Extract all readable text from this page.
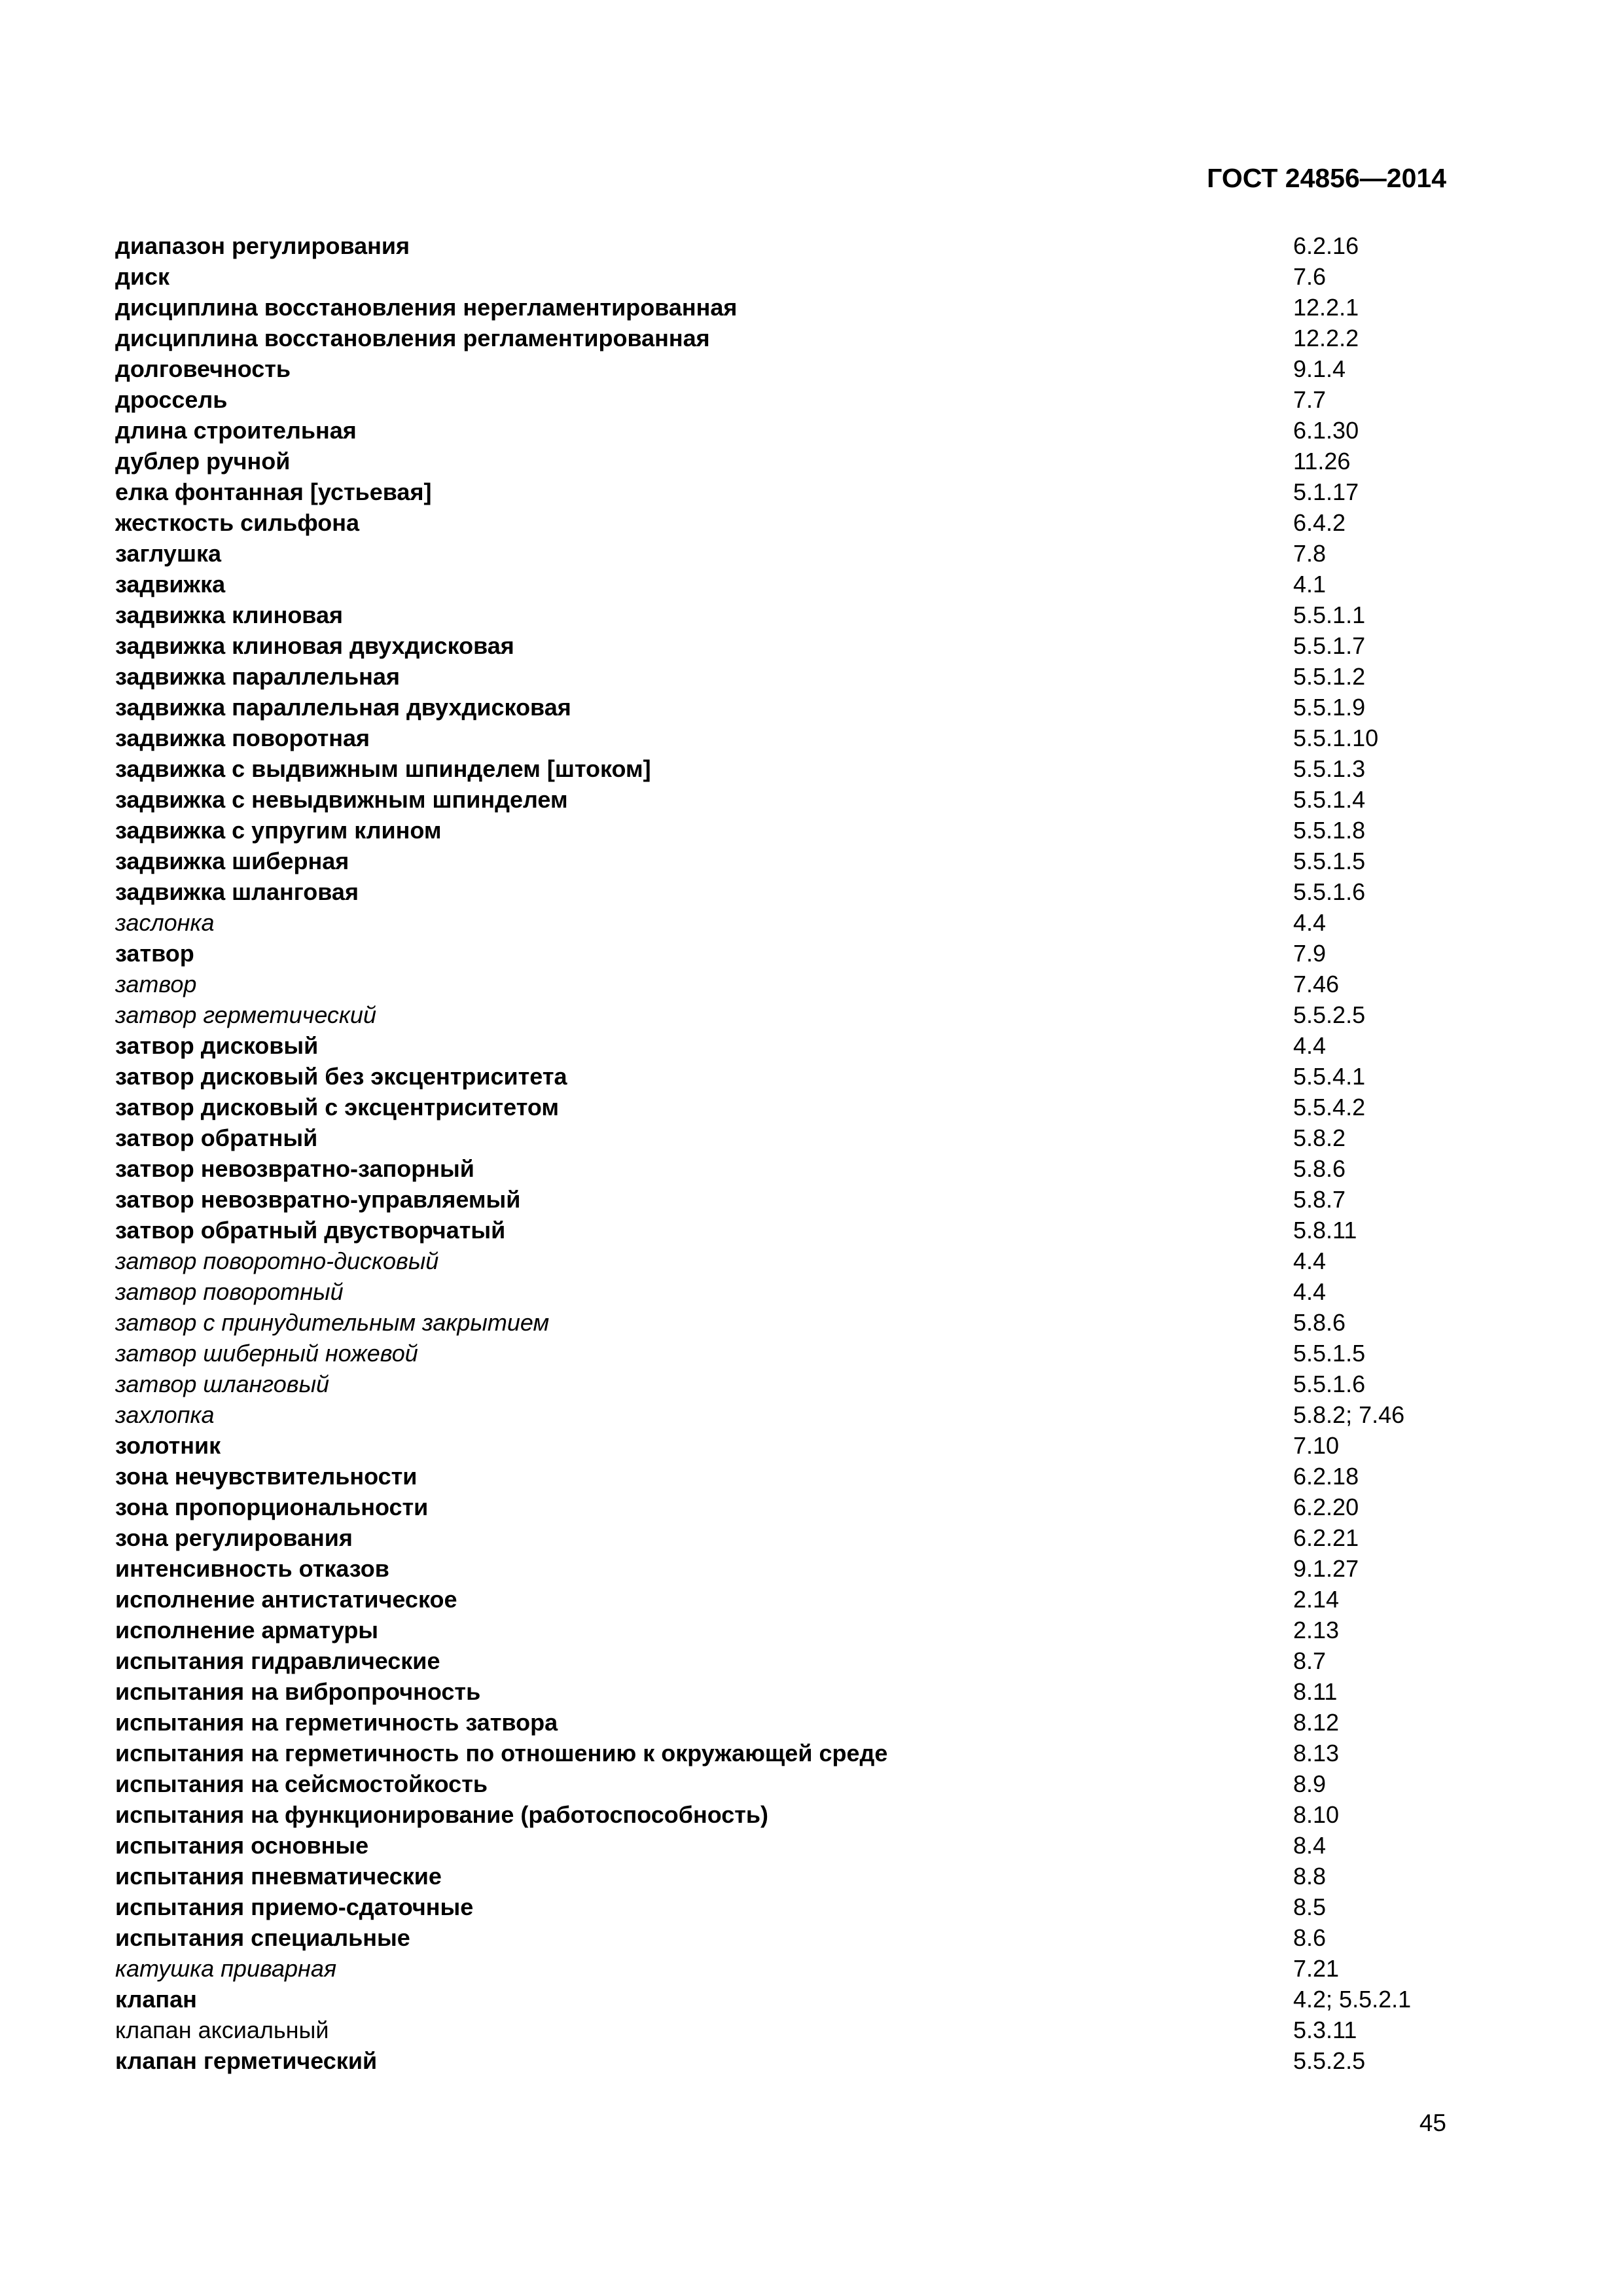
ГОСТ 24856—2014
диапазон регулирования	6.2.16
диск	7.6
дисциплина восстановления нерегламентированная	12.2.1
дисциплина восстановления регламентированная	12.2.2
долговечность	9.1.4
дроссель	7.7
длина строительная	6.1.30
дублер ручной	11.26
елка фонтанная [устьевая]	5.1.17
жесткость сильфона	6.4.2
заглушка	7.8
задвижка	4.1
задвижка клиновая	5.5.1.1
задвижка клиновая двухдисковая	5.5.1.7
задвижка параллельная	5.5.1.2
задвижка параллельная двухдисковая	5.5.1.9
задвижка поворотная	5.5.1.10
задвижка с выдвижным шпинделем [штоком]	5.5.1.3
задвижка с невыдвижным шпинделем	5.5.1.4
задвижка с упругим клином	5.5.1.8
задвижка шиберная	5.5.1.5
задвижка шланговая	5.5.1.6
заслонка	4.4
затвор	7.9
затвор	7.46
затвор герметический	5.5.2.5
затвор дисковый	4.4
затвор дисковый без эксцентриситета	5.5.4.1
затвор дисковый с эксцентриситетом	5.5.4.2
затвор обратный	5.8.2
затвор невозвратно-запорный	5.8.6
затвор невозвратно-управляемый	5.8.7
затвор обратный двустворчатый	5.8.11
затвор поворотно-дисковый	4.4
затвор поворотный	4.4
затвор с принудительным закрытием	5.8.6
затвор шиберный ножевой	5.5.1.5
затвор шланговый	5.5.1.6
захлопка	5.8.2; 7.46
золотник	7.10
зона нечувствительности	6.2.18
зона пропорциональности	6.2.20
зона регулирования	6.2.21
интенсивность отказов	9.1.27
исполнение антистатическое	2.14
исполнение арматуры	2.13
испытания гидравлические	8.7
испытания на вибропрочность	8.11
испытания на герметичность затвора	8.12
испытания на герметичность по отношению к окружающей среде	8.13
испытания на сейсмостойкость	8.9
испытания на функционирование (работоспособность)	8.10
испытания основные	8.4
испытания пневматические	8.8
испытания приемо-сдаточные	8.5
испытания специальные	8.6
катушка приварная	7.21
клапан	4.2; 5.5.2.1
клапан аксиальный	5.3.11
клапан герметический	5.5.2.5
45
